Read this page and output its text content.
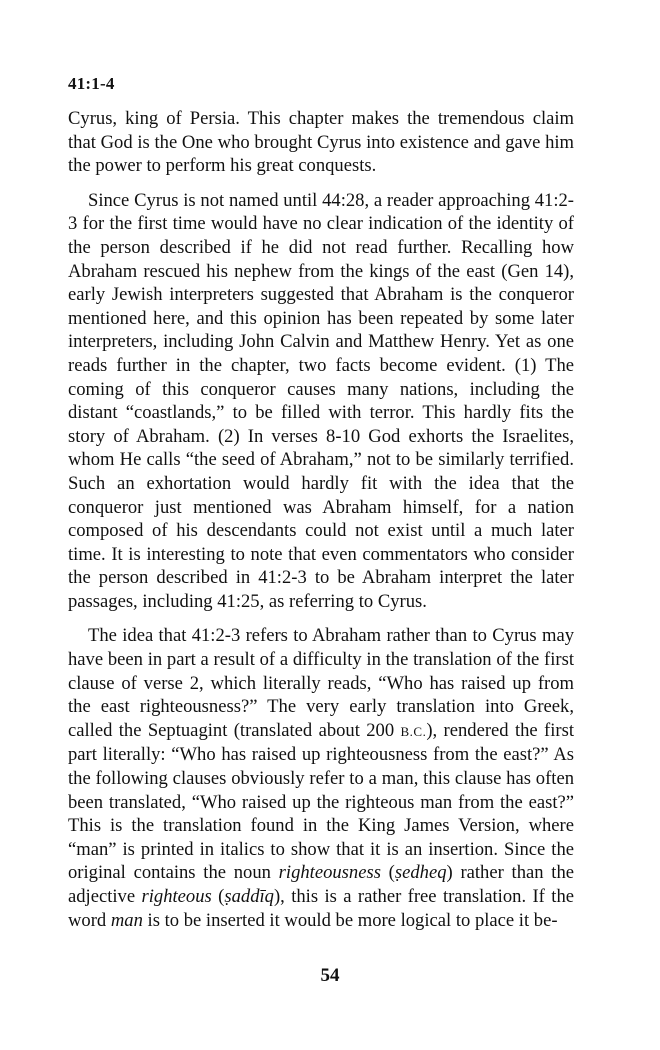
41:1-4

Cyrus, king of Persia. This chapter makes the tremendous claim that God is the One who brought Cyrus into existence and gave him the power to perform his great conquests.

Since Cyrus is not named until 44:28, a reader approaching 41:2-3 for the first time would have no clear indication of the identity of the person described if he did not read further. Recalling how Abraham rescued his nephew from the kings of the east (Gen 14), early Jewish interpreters suggested that Abraham is the conqueror mentioned here, and this opinion has been repeated by some later interpreters, including John Calvin and Matthew Henry. Yet as one reads further in the chapter, two facts become evident. (1) The coming of this conqueror causes many nations, including the distant “coastlands,” to be filled with terror. This hardly fits the story of Abraham. (2) In verses 8-10 God exhorts the Israelites, whom He calls “the seed of Abraham,” not to be similarly terrified. Such an exhortation would hardly fit with the idea that the conqueror just mentioned was Abraham himself, for a nation composed of his descendants could not exist until a much later time. It is interesting to note that even commentators who consider the person described in 41:2-3 to be Abraham interpret the later passages, including 41:25, as referring to Cyrus.

The idea that 41:2-3 refers to Abraham rather than to Cyrus may have been in part a result of a difficulty in the translation of the first clause of verse 2, which literally reads, “Who has raised up from the east righteousness?” The very early translation into Greek, called the Septuagint (translated about 200 B.C.), rendered the first part literally: “Who has raised up righteousness from the east?” As the following clauses obviously refer to a man, this clause has often been translated, “Who raised up the righteous man from the east?” This is the translation found in the King James Version, where “man” is printed in italics to show that it is an insertion. Since the original contains the noun righteousness (ṣedheq) rather than the adjective righteous (ṣaddīq), this is a rather free translation. If the word man is to be inserted it would be more logical to place it be-

54
